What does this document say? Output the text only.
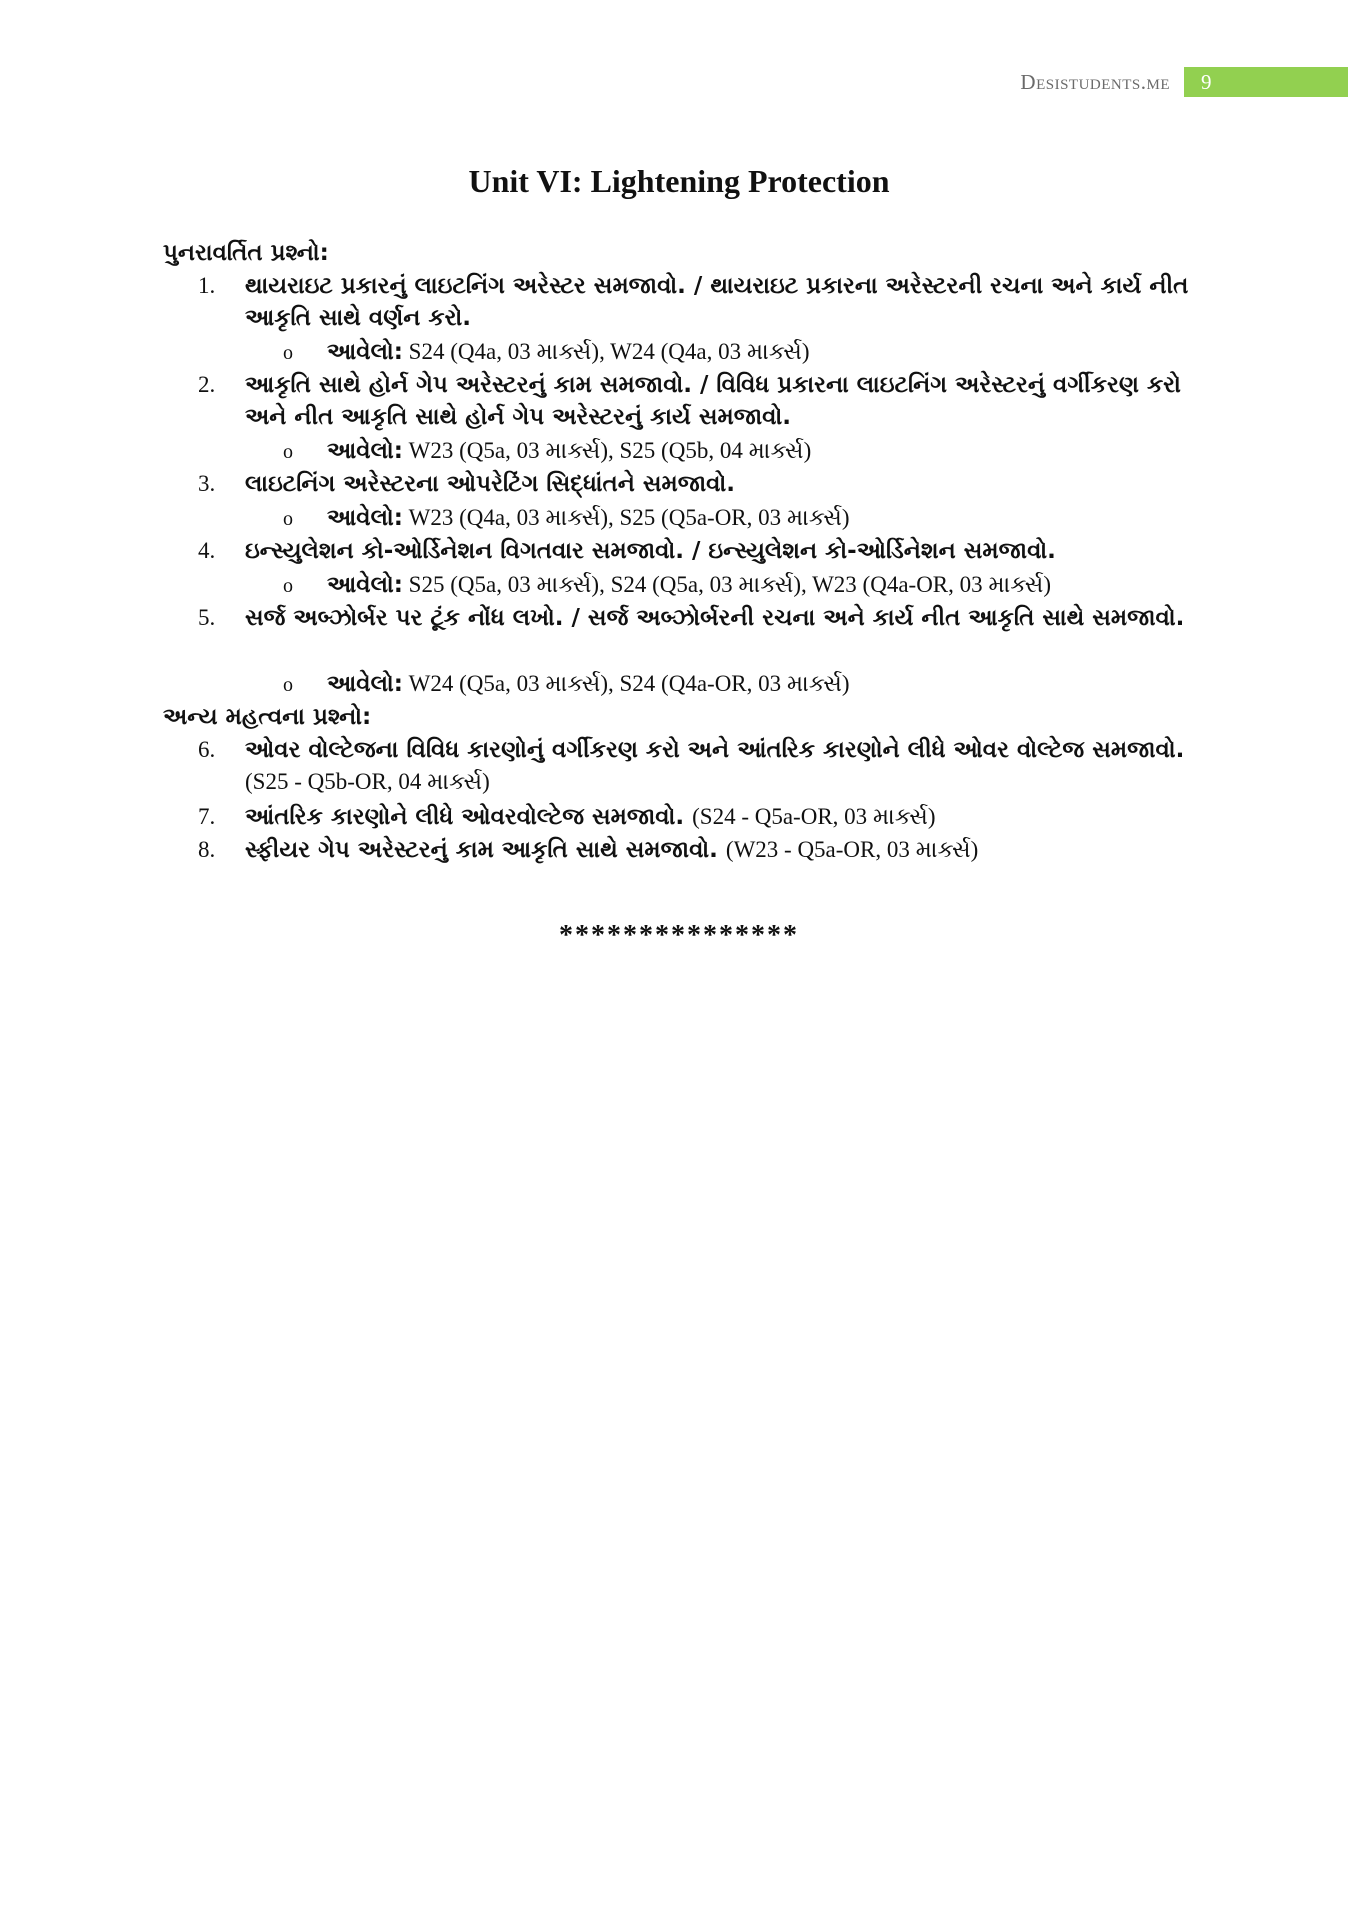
Desistudents.me	9
Unit VI: Lightening Protection
પુનરાવર્તિત પ્રશ્નો:
1. થાયરાઇટ પ્રકારનું લાઇટનિંગ અરેસ્ટર સમજાવો. / થાયરાઇટ પ્રકારના અરેસ્ટરની રચના અને કાર્ય નીત આકૃતિ સાથે વર્ણન કરો.
o આવેલો: S24 (Q4a, 03 માર્ક્સ), W24 (Q4a, 03 માર્ક્સ)
2. આકૃતિ સાથે હોર્ન ગેપ અરેસ્ટરનું કામ સમજાવો. / વિવિધ પ્રકારના લાઇટનિંગ અરેસ્ટરનું વર્ગીકરણ કરો અને નીત આકૃતિ સાથે હોર્ન ગેપ અરેસ્ટરનું કાર્ય સમજાવો.
o આવેલો: W23 (Q5a, 03 માર્ક્સ), S25 (Q5b, 04 માર્ક્સ)
3. લાઇટનિંગ અરેસ્ટરના ઓપરેટિંગ સિદ્ધાંતને સમજાવો.
o આવેલો: W23 (Q4a, 03 માર્ક્સ), S25 (Q5a-OR, 03 માર્ક્સ)
4. ઇન્સ્યુલેશન કો-ઓર્ડિનેશન વિગતવાર સમજાવો. / ઇન્સ્યુલેશન કો-ઓર્ડિનેશન સમજાવો.
o આવેલો: S25 (Q5a, 03 માર્ક્સ), S24 (Q5a, 03 માર્ક્સ), W23 (Q4a-OR, 03 માર્ક્સ)
5. સર્જ અબ્ઝોર્બર પર ટૂંક નોંધ લખો. / સર્જ અબ્ઝોર્બરની રચના અને કાર્ય નીત આકૃતિ સાથે સમજાવો.
o આવેલો: W24 (Q5a, 03 માર્ક્સ), S24 (Q4a-OR, 03 માર્ક્સ)
અન્ય મહત્વના પ્રશ્નો:
6. ઓવર વોલ્ટેજના વિવિધ કારણોનું વર્ગીકરણ કરો અને આંતરિક કારણોને લીધે ઓવર વોલ્ટેજ સમજાવો. (S25 - Q5b-OR, 04 માર્ક્સ)
7. આંતરિક કારણોને લીધે ઓવરવોલ્ટેજ સમજાવો. (S24 - Q5a-OR, 03 માર્ક્સ)
8. સ્ફીયર ગેપ અરેસ્ટરનું કામ આકૃતિ સાથે સમજાવો. (W23 - Q5a-OR, 03 માર્ક્સ)
***************
